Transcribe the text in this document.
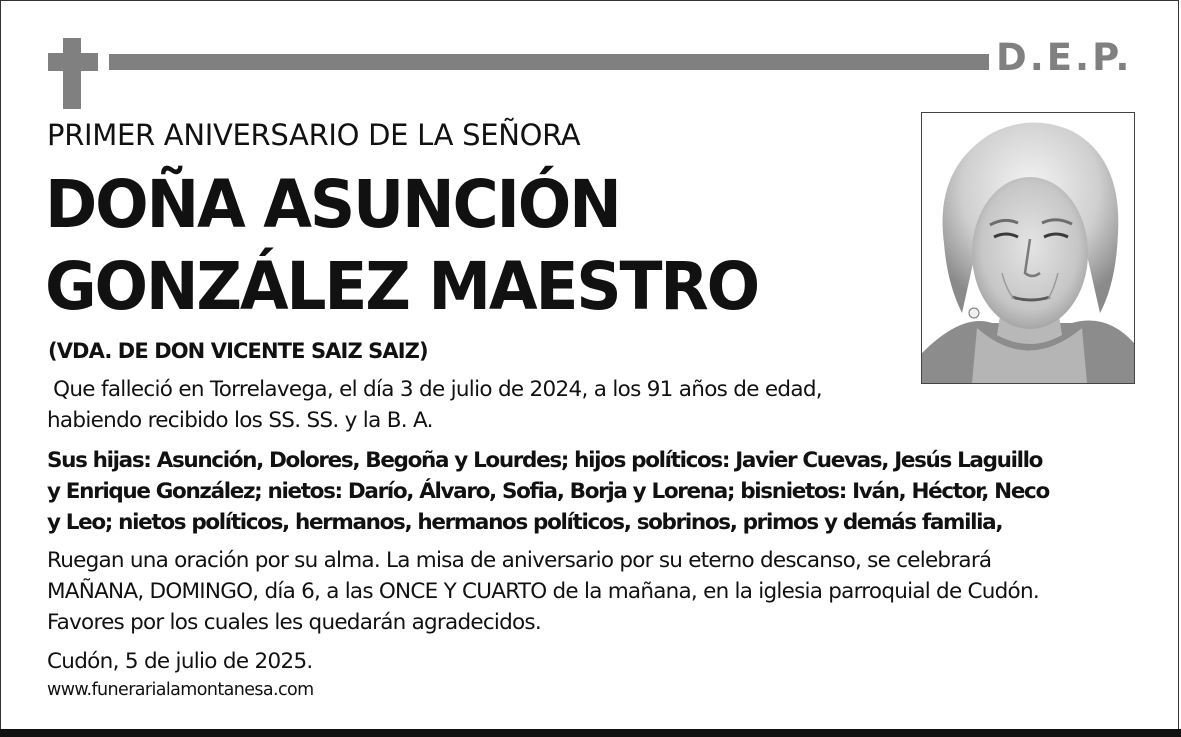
D.E.P.
PRIMER ANIVERSARIO DE LA SEÑORA
DOÑA ASUNCIÓN
GONZÁLEZ MAESTRO
(VDA. DE DON VICENTE SAIZ SAIZ)
Que falleció en Torrelavega, el día 3 de julio de 2024, a los 91 años de edad,
habiendo recibido los SS. SS. y la B. A.
Sus hijas: Asunción, Dolores, Begoña y Lourdes; hijos políticos: Javier Cuevas, Jesús Laguillo
y Enrique González; nietos: Darío, Álvaro, Sofia, Borja y Lorena; bisnietos: Iván, Héctor, Neco
y Leo; nietos políticos, hermanos, hermanos políticos, sobrinos, primos y demás familia,
Ruegan una oración por su alma. La misa de aniversario por su eterno descanso, se celebrará
MAÑANA, DOMINGO, día 6, a las ONCE Y CUARTO de la mañana, en la iglesia parroquial de Cudón.
Favores por los cuales les quedarán agradecidos.
Cudón, 5 de julio de 2025.
www.funerarialamontanesa.com
